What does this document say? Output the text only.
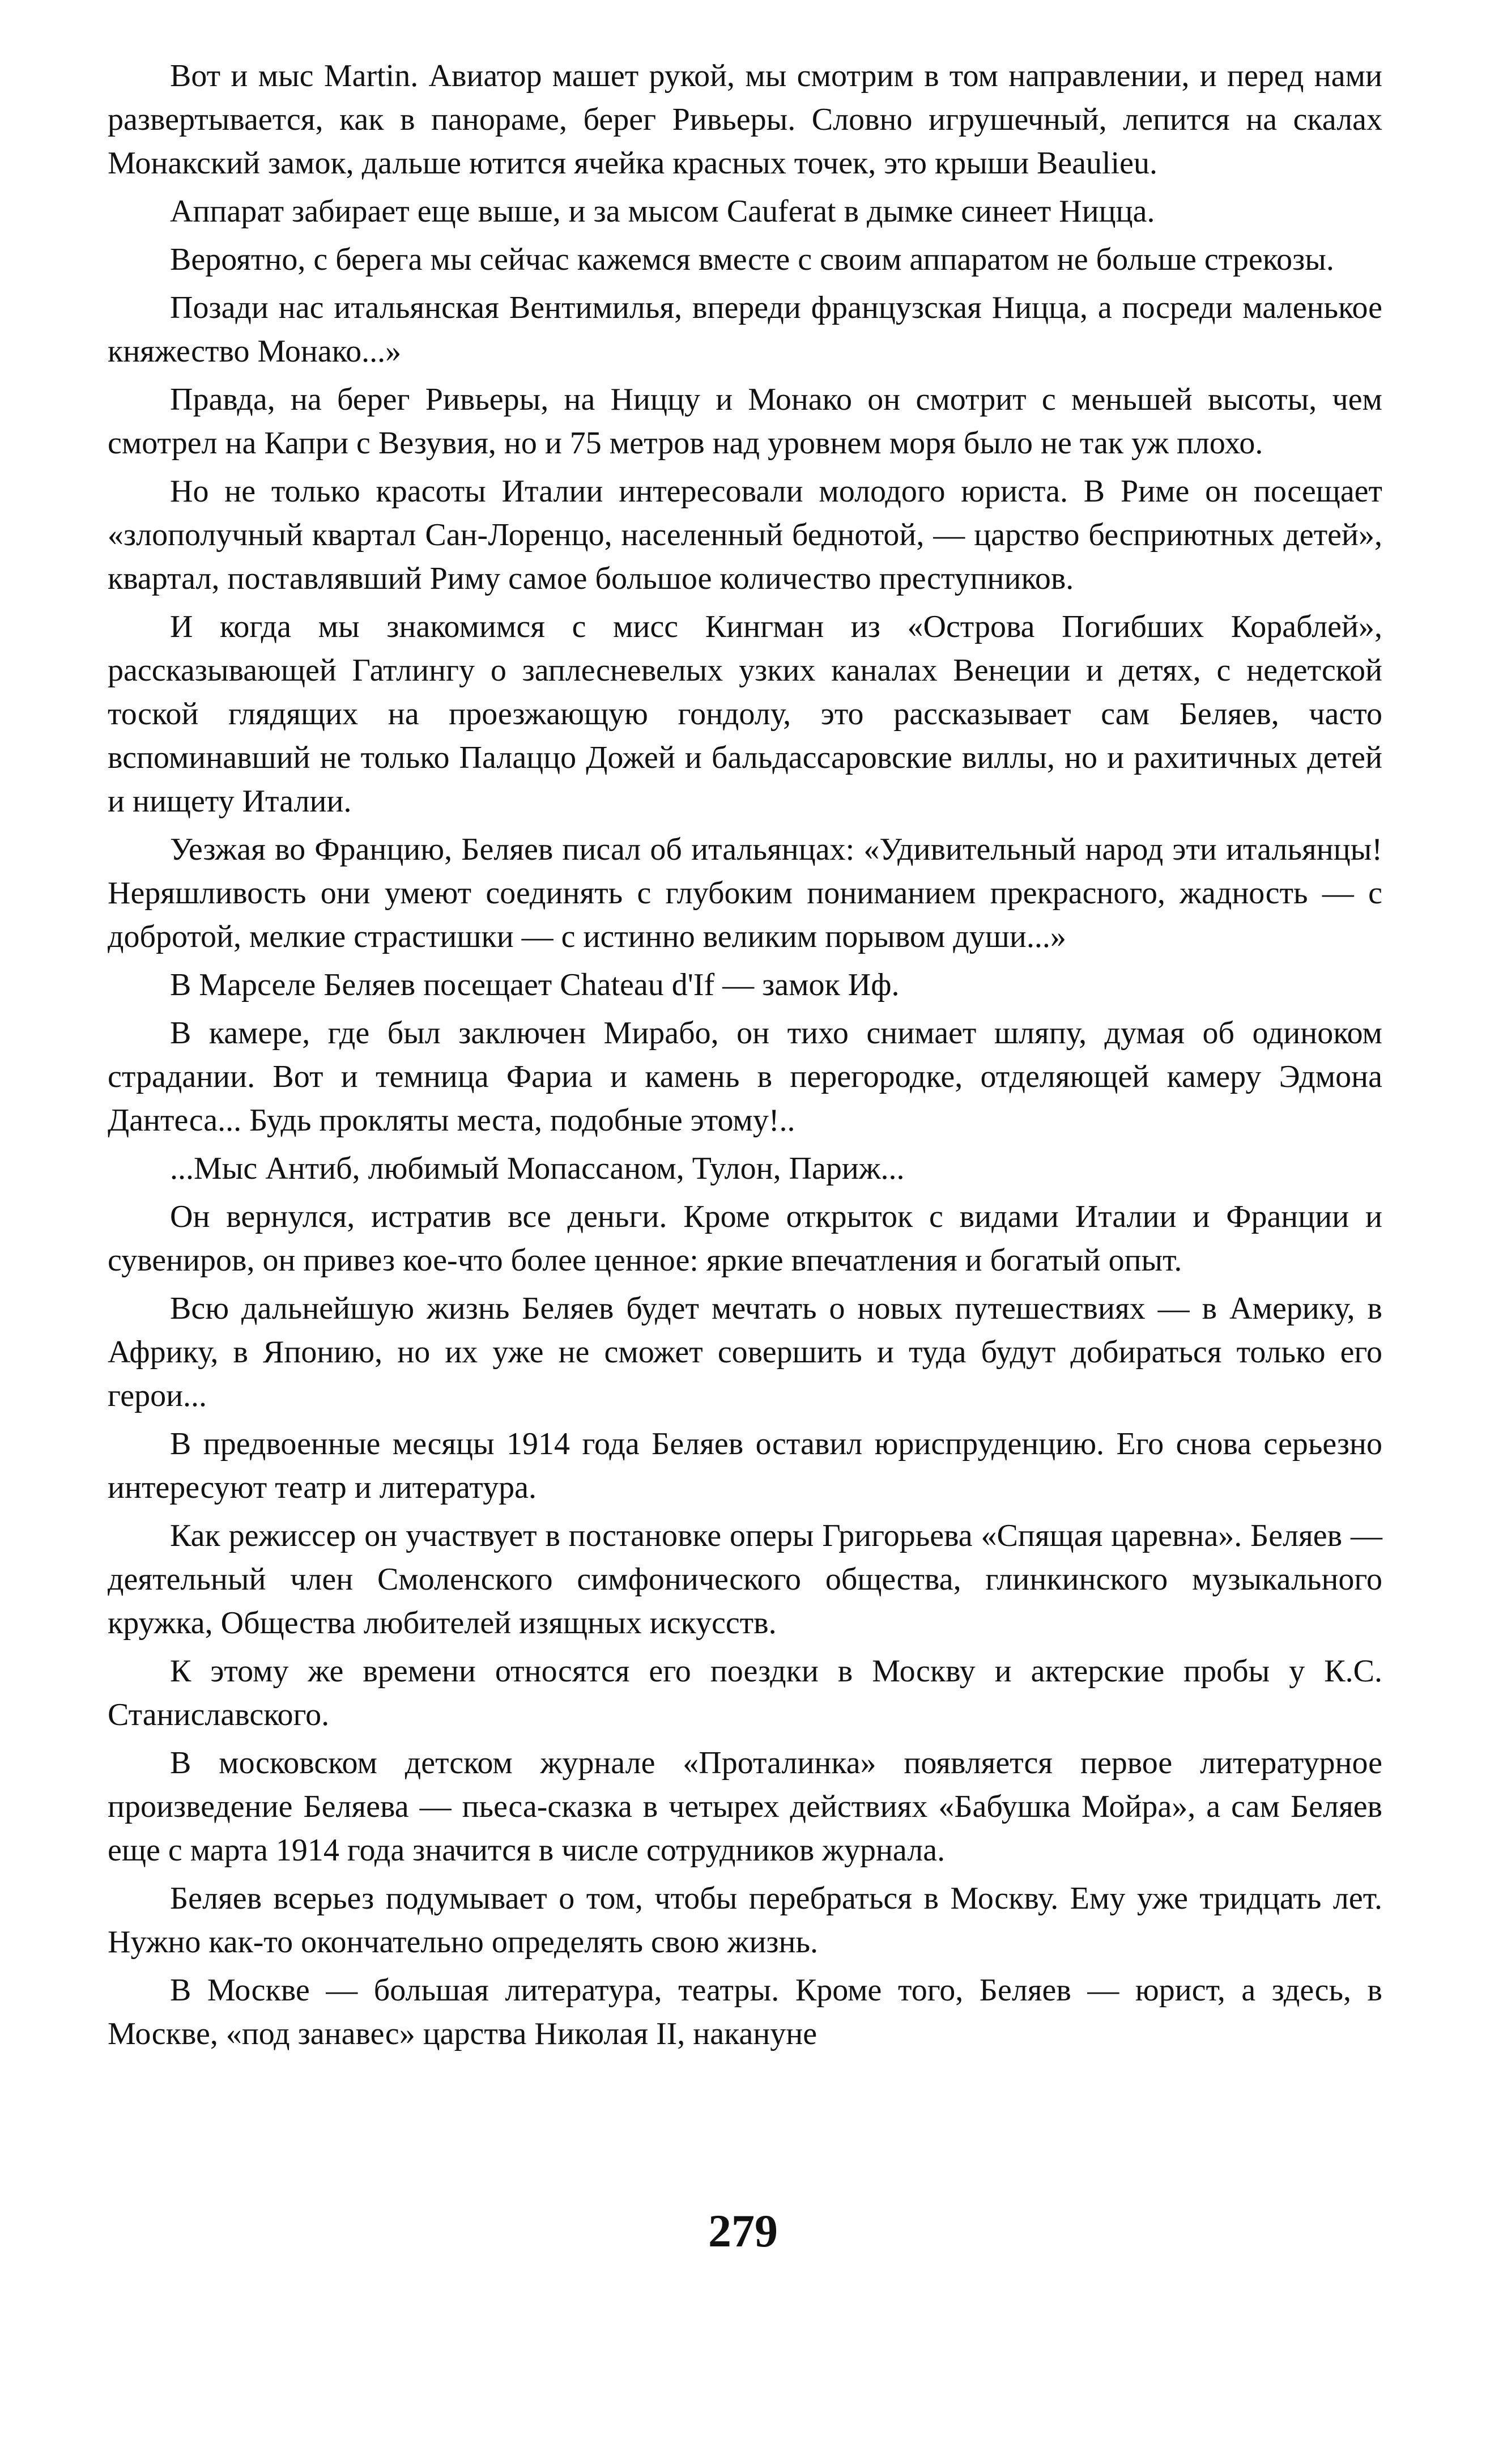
Вот и мыс Martin. Авиатор машет рукой, мы смотрим в том направлении, и перед нами развертывается, как в панораме, берег Ривьеры. Словно игрушечный, лепится на скалах Монакский замок, дальше ютится ячейка красных точек, это крыши Beaulieu.

Аппарат забирает еще выше, и за мысом Cauferat в дымке синеет Ницца.

Вероятно, с берега мы сейчас кажемся вместе с своим аппаратом не больше стрекозы.

Позади нас итальянская Вентимилья, впереди французская Ницца, а посреди маленькое княжество Монако...»

Правда, на берег Ривьеры, на Ниццу и Монако он смотрит с меньшей высоты, чем смотрел на Капри с Везувия, но и 75 метров над уровнем моря было не так уж плохо.

Но не только красоты Италии интересовали молодого юриста. В Риме он посещает «злополучный квартал Сан-Лоренцо, населенный беднотой, — царство бесприютных детей», квартал, поставлявший Риму самое большое количество преступников.

И когда мы знакомимся с мисс Кингман из «Острова Погибших Кораблей», рассказывающей Гатлингу о заплесневелых узких каналах Венеции и детях, с недетской тоской глядящих на проезжающую гондолу, это рассказывает сам Беляев, часто вспоминавший не только Палаццо Дожей и бальдассаровские виллы, но и рахитичных детей и нищету Италии.

Уезжая во Францию, Беляев писал об итальянцах: «Удивительный народ эти итальянцы! Неряшливость они умеют соединять с глубоким пониманием прекрасного, жадность — с добротой, мелкие страстишки — с истинно великим порывом души...»

В Марселе Беляев посещает Chateau d'If — замок Иф.

В камере, где был заключен Мирабо, он тихо снимает шляпу, думая об одиноком страдании. Вот и темница Фариа и камень в перегородке, отделяющей камеру Эдмона Дантеса... Будь прокляты места, подобные этому!..

...Мыс Антиб, любимый Мопассаном, Тулон, Париж...

Он вернулся, истратив все деньги. Кроме открыток с видами Италии и Франции и сувениров, он привез кое-что более ценное: яркие впечатления и богатый опыт.

Всю дальнейшую жизнь Беляев будет мечтать о новых путешествиях — в Америку, в Африку, в Японию, но их уже не сможет совершить и туда будут добираться только его герои...

В предвоенные месяцы 1914 года Беляев оставил юриспруденцию. Его снова серьезно интересуют театр и литература.

Как режиссер он участвует в постановке оперы Григорьева «Спящая царевна». Беляев — деятельный член Смоленского симфонического общества, глинкинского музыкального кружка, Общества любителей изящных искусств.

К этому же времени относятся его поездки в Москву и актерские пробы у К.С. Станиславского.

В московском детском журнале «Проталинка» появляется первое литературное произведение Беляева — пьеса-сказка в четырех действиях «Бабушка Мойра», а сам Беляев еще с марта 1914 года значится в числе сотрудников журнала.

Беляев всерьез подумывает о том, чтобы перебраться в Москву. Ему уже тридцать лет. Нужно как-то окончательно определять свою жизнь.

В Москве — большая литература, театры. Кроме того, Беляев — юрист, а здесь, в Москве, «под занавес» царства Николая II, накануне

279
